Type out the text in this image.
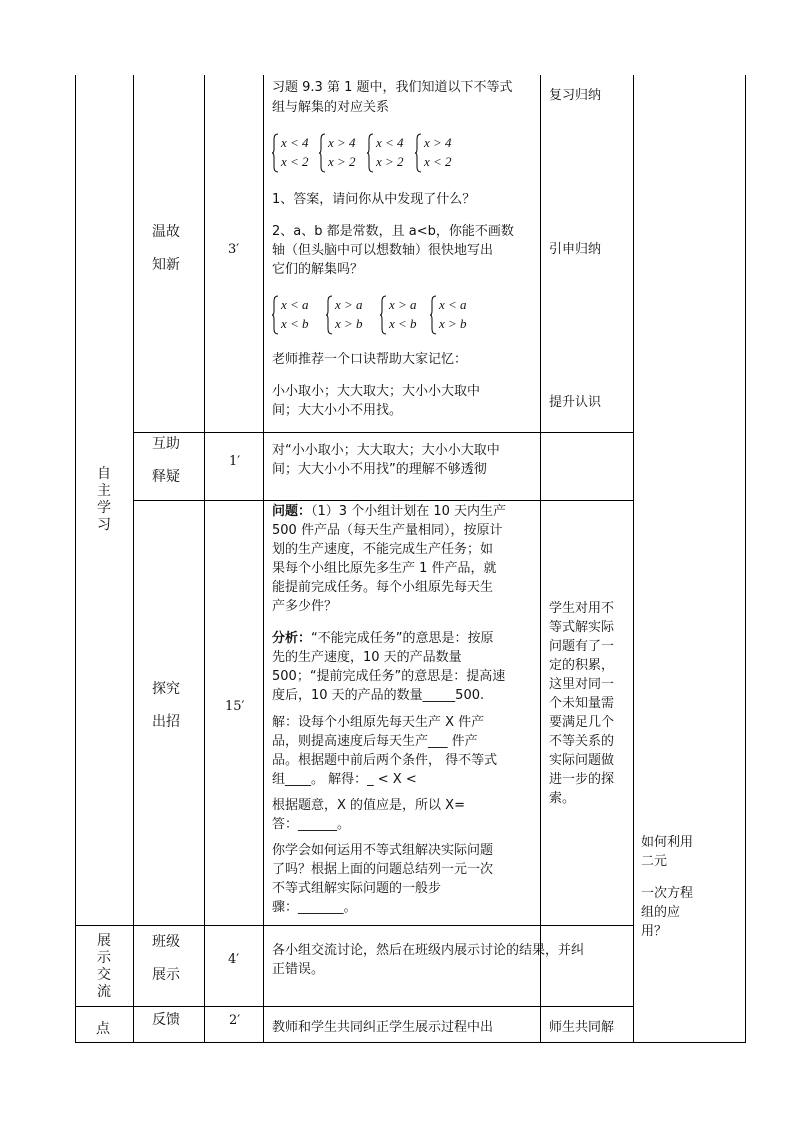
自主学习
展示交流
点
温故
知新
互助
释疑
探究
出招
班级
展示
反馈
3′
1′
15′
4′
2′
习题 9.3 第 1 题中，我们知道以下不等式
组与解集的对应关系
x < 4
x < 2
x > 4
x > 2
x < 4
x > 2
x > 4
x < 2
1、答案，请问你从中发现了什么？
2、a、b 都是常数，且 a<b，你能不画数
轴（但头脑中可以想数轴）很快地写出
它们的解集吗？
x < a
x < b
x > a
x > b
x > a
x < b
x < a
x > b
老师推荐一个口诀帮助大家记忆：
小小取小；大大取大；大小小大取中
间；大大小小不用找。
复习归纳
引申归纳
提升认识
对“小小取小；大大取大；大小小大取中
间；大大小小不用找”的理解不够透彻
问题：（1）3 个小组计划在 10 天内生产
500 件产品（每天生产量相同），按原计
划的生产速度，不能完成生产任务；如
果每个小组比原先多生产 1 件产品，就
能提前完成任务。每个小组原先每天生
产多少件？
分析：“不能完成任务”的意思是：按原
先的生产速度，10 天的产品数量
500；“提前完成任务”的意思是：提高速
度后，10 天的产品的数量_____500.
解：设每个小组原先每天生产 X 件产
品，则提高速度后每天生产___ 件产
品。根据题中前后两个条件， 得不等式
组____。 解得：_ < X <
根据题意，X 的值应是，所以 X=
答：______。
你学会如何运用不等式组解决实际问题
了吗？根据上面的问题总结列一元一次
不等式组解实际问题的一般步
骤：_______。
学生对用不
等式解实际
问题有了一
定的积累，
这里对同一
个未知量需
要满足几个
不等关系的
实际问题做
进一步的探
索。
各小组交流讨论，然后在班级内展示讨论的结果，并纠
正错误。
教师和学生共同纠正学生展示过程中出	师生共同解
如何利用
二元
一次方程
组的应
用？
